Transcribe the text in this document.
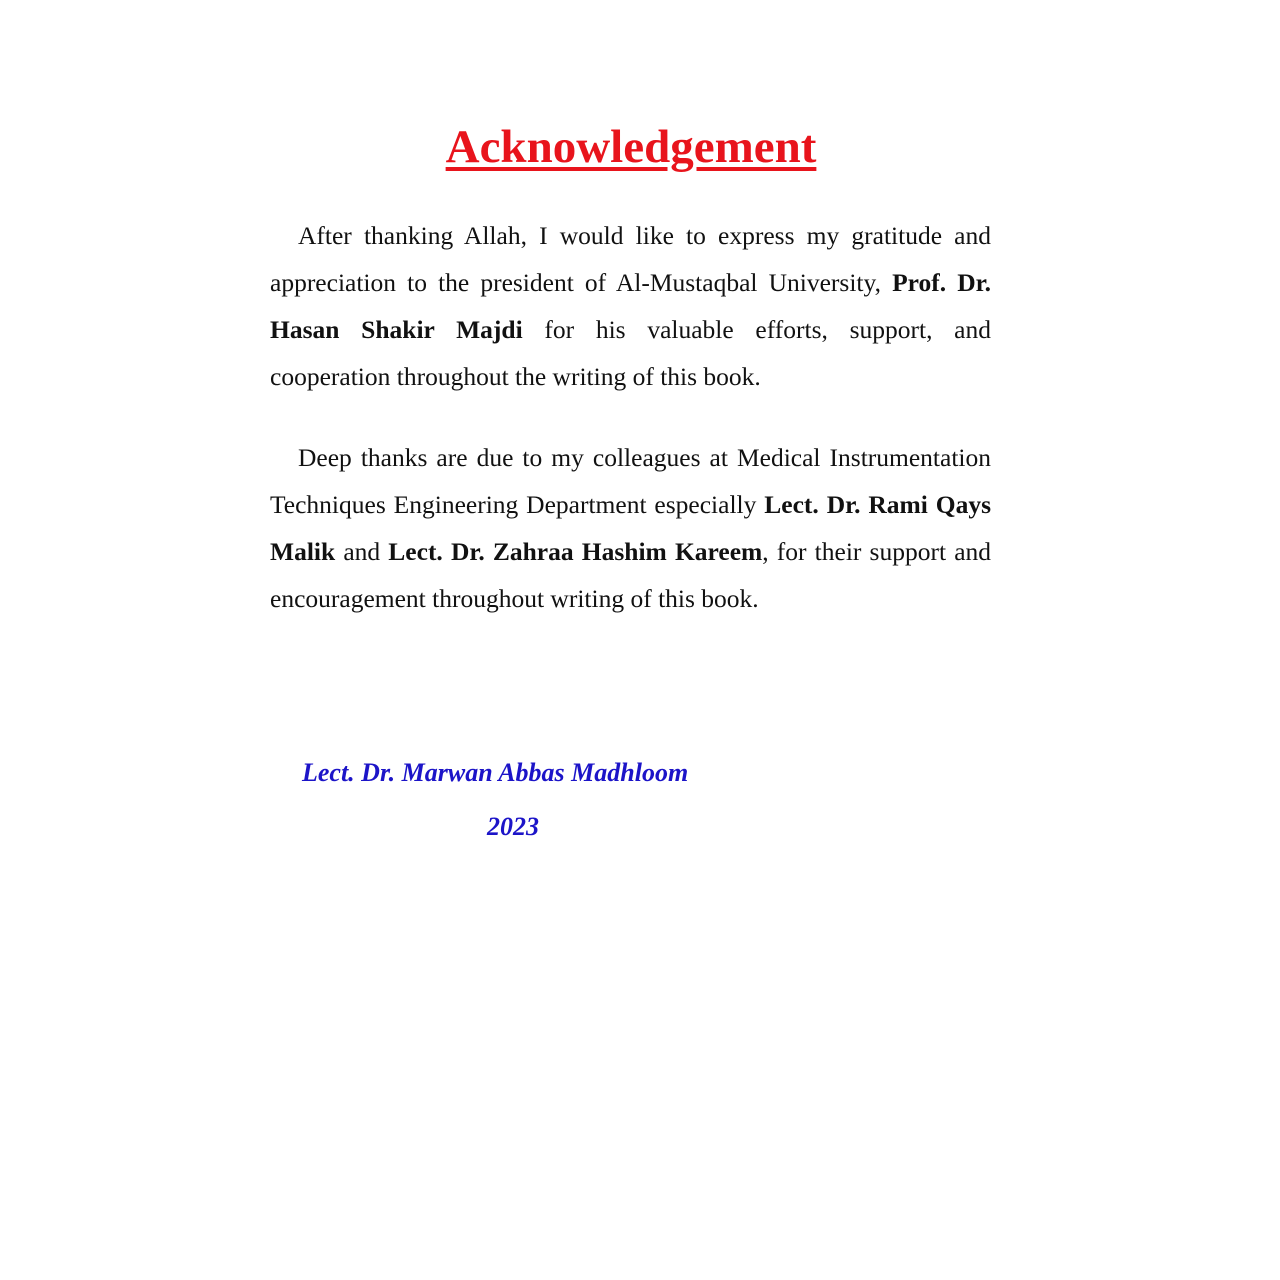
Acknowledgement

After thanking Allah, I would like to express my gratitude and appreciation to the president of Al-Mustaqbal University, Prof. Dr. Hasan Shakir Majdi for his valuable efforts, support, and cooperation throughout the writing of this book.

Deep thanks are due to my colleagues at Medical Instrumentation Techniques Engineering Department especially Lect. Dr. Rami Qays Malik and Lect. Dr. Zahraa Hashim Kareem, for their support and encouragement throughout writing of this book.

Lect. Dr. Marwan Abbas Madhloom

2023
